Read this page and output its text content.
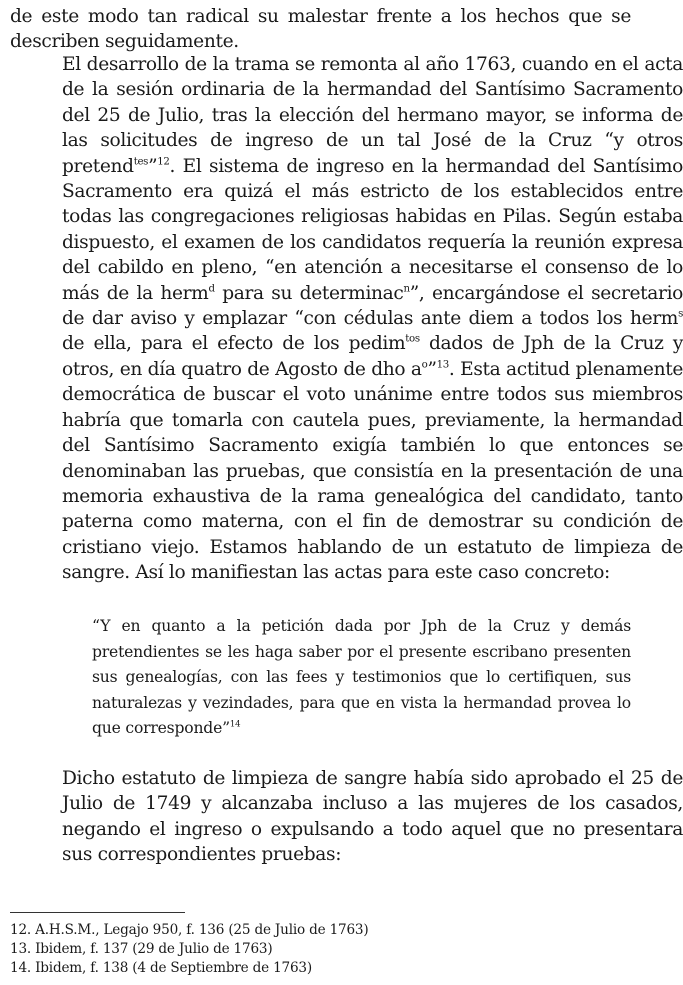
de este modo tan radical su malestar frente a los hechos que se describen seguidamente.

El desarrollo de la trama se remonta al año 1763, cuando en el acta de la sesión ordinaria de la hermandad del Santísimo Sacramento del 25 de Julio, tras la elección del hermano mayor, se informa de las solicitudes de ingreso de un tal José de la Cruz “y otros pretend$^{tes}$”$^{12}$. El sistema de ingreso en la hermandad del Santísimo Sacramento era quizá el más estricto de los establecidos entre todas las congregaciones religiosas habidas en Pilas. Según estaba dispuesto, el examen de los candidatos requería la reunión expresa del cabildo en pleno, “en atención a necesitarse el consenso de lo más de la herm$^d$ para su determinac$^n$”, encargándose el secretario de dar aviso y emplazar “con cédulas ante diem a todos los herm$^s$ de ella, para el efecto de los pedim$^{tos}$ dados de Jph de la Cruz y otros, en día quatro de Agosto de dho $a^o”^{13}$. Esta actitud plenamente democrática de buscar el voto unánime entre todos sus miembros habría que tomarla con cautela pues, previamente, la hermandad del Santísimo Sacramento exigía también lo que entonces se denominaban las pruebas, que consistía en la presentación de una memoria exhaustiva de la rama genealógica del candidato, tanto paterna como materna, con el fin de demostrar su condición de cristiano viejo. Estamos hablando de un estatuto de limpieza de sangre. Así lo manifiestan las actas para este caso concreto:

“Y en quanto a la petición dada por Jph de la Cruz y demás pretendientes se les haga saber por el presente escribano presenten sus genealogías, con las fees y testimonios que lo certifiquen, sus naturalezas y vezindades, para que en vista la hermandad provea lo que corresponde”$^{14}$

Dicho estatuto de limpieza de sangre había sido aprobado el 25 de Julio de 1749 y alcanzaba incluso a las mujeres de los casados, negando el ingreso o expulsando a todo aquel que no presentara sus correspondientes pruebas:

12. A.H.S.M., Legajo 950, f. 136 (25 de Julio de 1763)
13. Ibidem, f. 137 (29 de Julio de 1763)
14. Ibidem, f. 138 (4 de Septiembre de 1763)
